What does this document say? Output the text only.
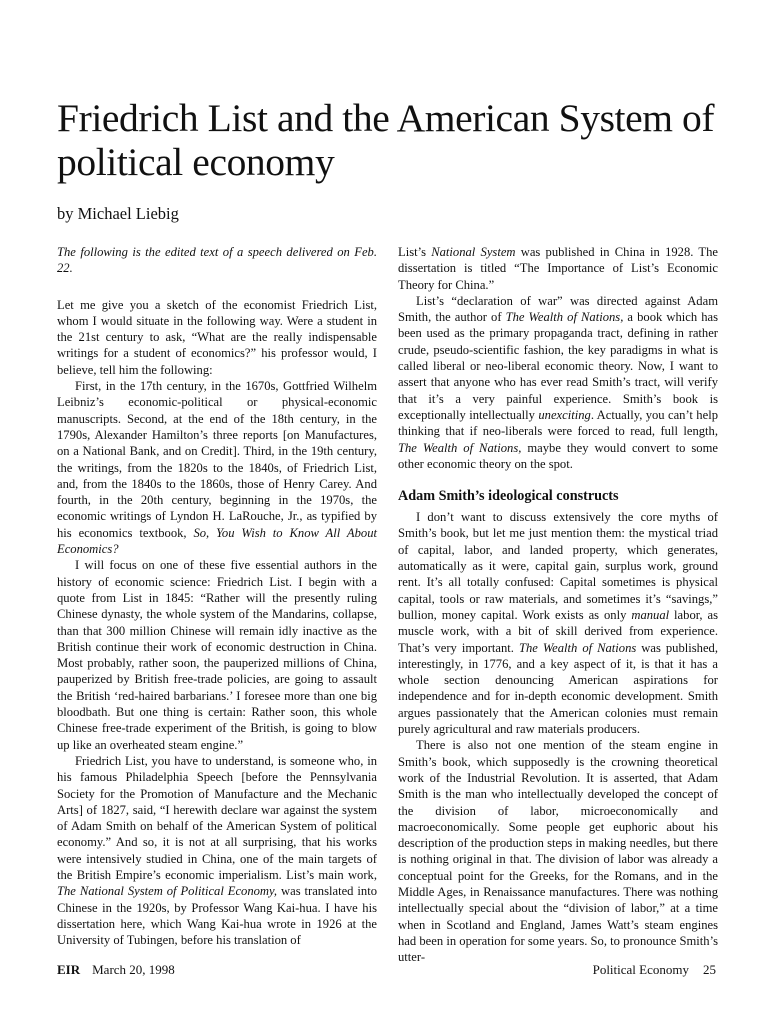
Friedrich List and the American System of political economy

by Michael Liebig

The following is the edited text of a speech delivered on Feb. 22.

Let me give you a sketch of the economist Friedrich List, whom I would situate in the following way. Were a student in the 21st century to ask, “What are the really indispensable writings for a student of economics?” his professor would, I believe, tell him the following:

First, in the 17th century, in the 1670s, Gottfried Wilhelm Leibniz’s economic-political or physical-economic manuscripts. Second, at the end of the 18th century, in the 1790s, Alexander Hamilton’s three reports [on Manufactures, on a National Bank, and on Credit]. Third, in the 19th century, the writings, from the 1820s to the 1840s, of Friedrich List, and, from the 1840s to the 1860s, those of Henry Carey. And fourth, in the 20th century, beginning in the 1970s, the economic writings of Lyndon H. LaRouche, Jr., as typified by his economics textbook, So, You Wish to Know All About Economics?

I will focus on one of these five essential authors in the history of economic science: Friedrich List. I begin with a quote from List in 1845: “Rather will the presently ruling Chinese dynasty, the whole system of the Mandarins, collapse, than that 300 million Chinese will remain idly inactive as the British continue their work of economic destruction in China. Most probably, rather soon, the pauperized millions of China, pauperized by British free-trade policies, are going to assault the British ‘red-haired barbarians.’ I foresee more than one big bloodbath. But one thing is certain: Rather soon, this whole Chinese free-trade experiment of the British, is going to blow up like an overheated steam engine.”

Friedrich List, you have to understand, is someone who, in his famous Philadelphia Speech [before the Pennsylvania Society for the Promotion of Manufacture and the Mechanic Arts] of 1827, said, “I herewith declare war against the system of Adam Smith on behalf of the American System of political economy.” And so, it is not at all surprising, that his works were intensively studied in China, one of the main targets of the British Empire’s economic imperialism. List’s main work, The National System of Political Economy, was translated into Chinese in the 1920s, by Professor Wang Kai-hua. I have his dissertation here, which Wang Kai-hua wrote in 1926 at the University of Tubingen, before his translation of

List’s National System was published in China in 1928. The dissertation is titled “The Importance of List’s Economic Theory for China.”

List’s “declaration of war” was directed against Adam Smith, the author of The Wealth of Nations, a book which has been used as the primary propaganda tract, defining in rather crude, pseudo-scientific fashion, the key paradigms in what is called liberal or neo-liberal economic theory. Now, I want to assert that anyone who has ever read Smith’s tract, will verify that it’s a very painful experience. Smith’s book is exceptionally intellectually unexciting. Actually, you can’t help thinking that if neo-liberals were forced to read, full length, The Wealth of Nations, maybe they would convert to some other economic theory on the spot.

Adam Smith’s ideological constructs

I don’t want to discuss extensively the core myths of Smith’s book, but let me just mention them: the mystical triad of capital, labor, and landed property, which generates, automatically as it were, capital gain, surplus work, ground rent. It’s all totally confused: Capital sometimes is physical capital, tools or raw materials, and sometimes it’s “savings,” bullion, money capital. Work exists as only manual labor, as muscle work, with a bit of skill derived from experience. That’s very important. The Wealth of Nations was published, interestingly, in 1776, and a key aspect of it, is that it has a whole section denouncing American aspirations for independence and for in-depth economic development. Smith argues passionately that the American colonies must remain purely agricultural and raw materials producers.

There is also not one mention of the steam engine in Smith’s book, which supposedly is the crowning theoretical work of the Industrial Revolution. It is asserted, that Adam Smith is the man who intellectually developed the concept of the division of labor, microeconomically and macroeconomically. Some people get euphoric about his description of the production steps in making needles, but there is nothing original in that. The division of labor was already a conceptual point for the Greeks, for the Romans, and in the Middle Ages, in Renaissance manufactures. There was nothing intellectually special about the “division of labor,” at a time when in Scotland and England, James Watt’s steam engines had been in operation for some years. So, to pronounce Smith’s utter-

EIR March 20, 1998	Political Economy 25
